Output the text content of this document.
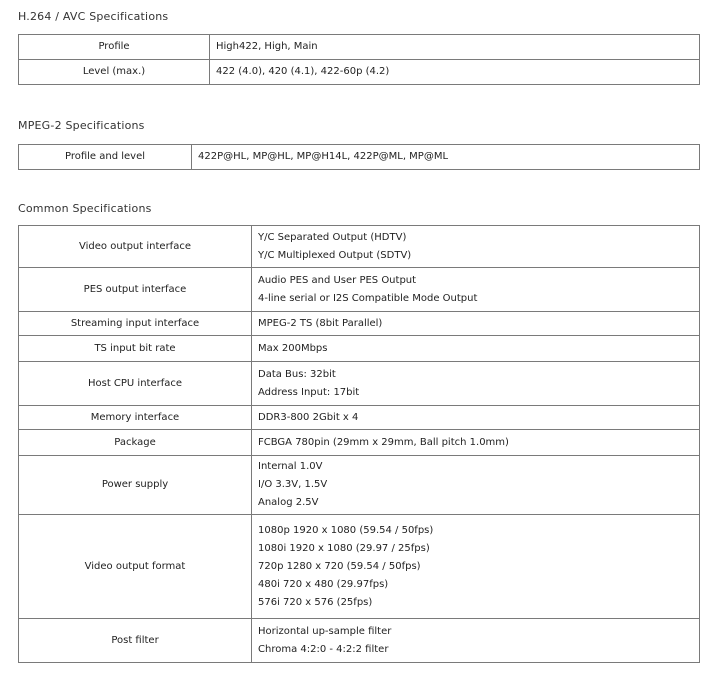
H.264 / AVC Specifications
Profile	High422, High, Main

Level (max.)	422 (4.0), 420 (4.1), 422-60p (4.2)
MPEG-2 Specifications
Profile and level	422P@HL, MP@HL, MP@H14L, 422P@ML, MP@ML
Common Specifications
Video output interface	Y/C Separated Output (HDTV)
Y/C Multiplexed Output (SDTV)

PES output interface	Audio PES and User PES Output
4-line serial or I2S Compatible Mode Output

Streaming input interface	MPEG-2 TS (8bit Parallel)

TS input bit rate	Max 200Mbps

Host CPU interface	Data Bus: 32bit
Address Input: 17bit

Memory interface	DDR3-800 2Gbit x 4

Package	FCBGA 780pin (29mm x 29mm, Ball pitch 1.0mm)

Power supply	Internal 1.0V
I/O 3.3V, 1.5V
Analog 2.5V

Video output format	1080p 1920 x 1080 (59.54 / 50fps)
1080i 1920 x 1080 (29.97 / 25fps)
720p 1280 x 720 (59.54 / 50fps)
480i 720 x 480 (29.97fps)
576i 720 x 576 (25fps)

Post filter	Horizontal up-sample filter
Chroma 4:2:0 - 4:2:2 filter
